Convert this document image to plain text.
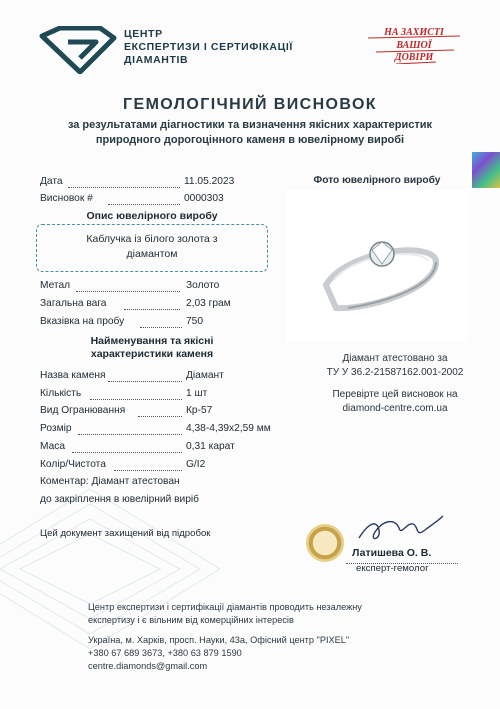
ЦЕНТР
ЕКСПЕРТИЗИ І СЕРТИФІКАЦІЇ
ДІАМАНТІВ
НА ЗАХИСТІ
ВАШОЇ
ДОВІРИ
ГЕМОЛОГІЧНИЙ ВИСНОВОК
за результатами діагностики та визначення якісних характеристик
природного дорогоцінного каменя в ювелірному виробі
Дата	11.05.2023
Висновок #	0000303
Опис ювелірного виробу
Каблучка із білого золота з
діамантом
Метал	Золото
Загальна вага	2,03 грам
Вказівка на пробу	750
Найменування та якісні
характеристики каменя
Назва каменя	Діамант
Кількість	1 шт
Вид Огранювання	Кр-57
Розмір	4,38-4,39х2,59 мм
Маса	0,31 карат
Колір/Чистота	G/I2
Коментар: Діамант атестован
до закріплення в ювелірний виріб
Цей документ захищений від підробок
Фото ювелірного виробу
Діамант атестовано за
ТУ У 36.2-21587162.001-2002
Перевірте цей висновок на
diamond-centre.com.ua
Латишева О. В.
експерт-гемолог
Центр експертизи і сертифікації діамантів проводить незалежну
експертизу і є вільним від комерційних інтересів
Україна, м. Харків, просп. Науки, 43а, Офісний центр "PIXEL"
+380 67 689 3673, +380 63 879 1590
centre.diamonds@gmail.com
